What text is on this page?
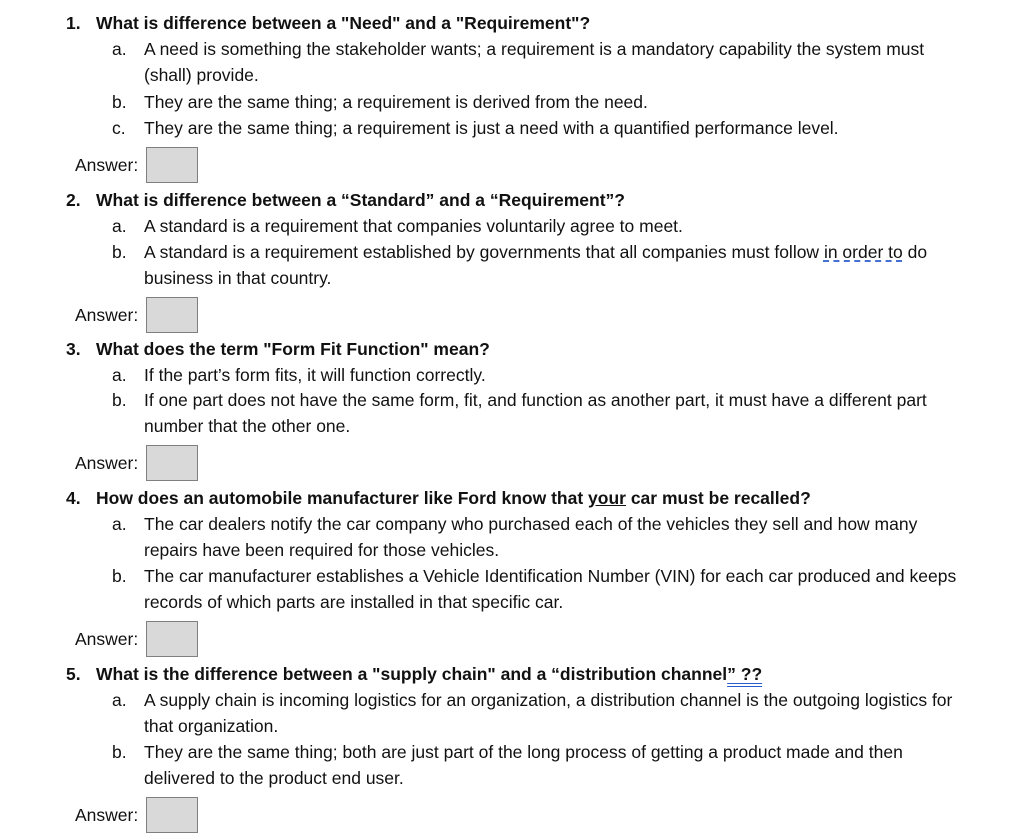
1. What is difference between a "Need" and a "Requirement"?
a. A need is something the stakeholder wants; a requirement is a mandatory capability the system must (shall) provide.
b. They are the same thing; a requirement is derived from the need.
c. They are the same thing; a requirement is just a need with a quantified performance level.
Answer:
2. What is difference between a “Standard” and a “Requirement”?
a. A standard is a requirement that companies voluntarily agree to meet.
b. A standard is a requirement established by governments that all companies must follow in order to do business in that country.
Answer:
3. What does the term "Form Fit Function" mean?
a. If the part’s form fits, it will function correctly.
b. If one part does not have the same form, fit, and function as another part, it must have a different part number that the other one.
Answer:
4. How does an automobile manufacturer like Ford know that your car must be recalled?
a. The car dealers notify the car company who purchased each of the vehicles they sell and how many repairs have been required for those vehicles.
b. The car manufacturer establishes a Vehicle Identification Number (VIN) for each car produced and keeps records of which parts are installed in that specific car.
Answer:
5. What is the difference between a "supply chain" and a “distribution channel” ??
a. A supply chain is incoming logistics for an organization, a distribution channel is the outgoing logistics for that organization.
b. They are the same thing; both are just part of the long process of getting a product made and then delivered to the product end user.
Answer:
